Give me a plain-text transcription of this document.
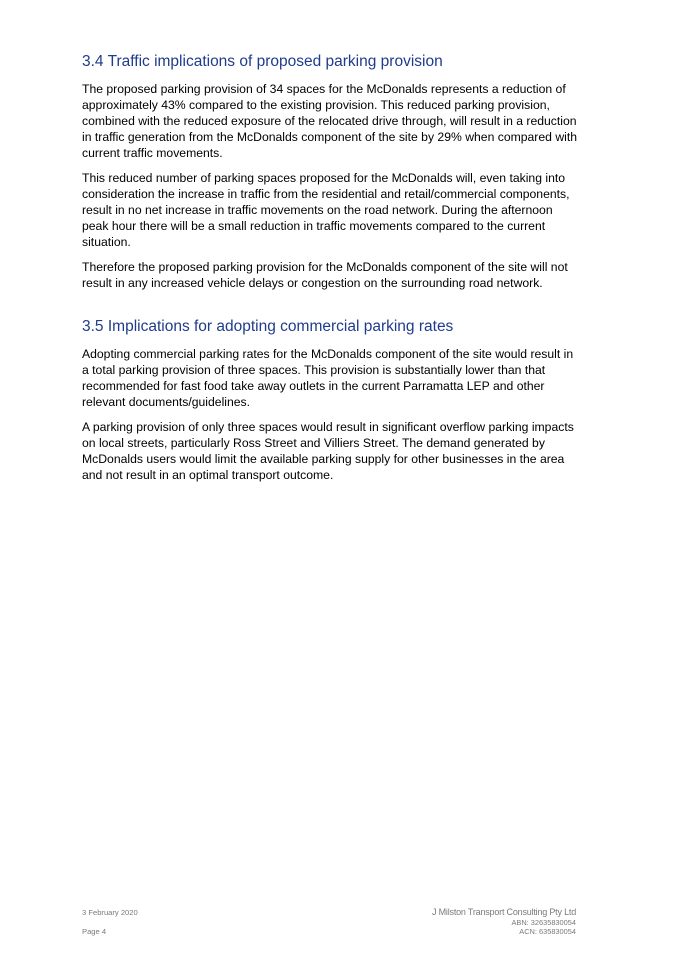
3.4 Traffic implications of proposed parking provision

The proposed parking provision of 34 spaces for the McDonalds represents a reduction of approximately 43% compared to the existing provision. This reduced parking provision, combined with the reduced exposure of the relocated drive through, will result in a reduction in traffic generation from the McDonalds component of the site by 29% when compared with current traffic movements.

This reduced number of parking spaces proposed for the McDonalds will, even taking into consideration the increase in traffic from the residential and retail/commercial components, result in no net increase in traffic movements on the road network. During the afternoon peak hour there will be a small reduction in traffic movements compared to the current situation.

Therefore the proposed parking provision for the McDonalds component of the site will not result in any increased vehicle delays or congestion on the surrounding road network.

3.5 Implications for adopting commercial parking rates

Adopting commercial parking rates for the McDonalds component of the site would result in a total parking provision of three spaces. This provision is substantially lower than that recommended for fast food take away outlets in the current Parramatta LEP and other relevant documents/guidelines.

A parking provision of only three spaces would result in significant overflow parking impacts on local streets, particularly Ross Street and Villiers Street. The demand generated by McDonalds users would limit the available parking supply for other businesses in the area and not result in an optimal transport outcome.

3 February 2020
Page 4
J Milston Transport Consulting Pty Ltd
ABN: 32635830054
ACN: 635830054
